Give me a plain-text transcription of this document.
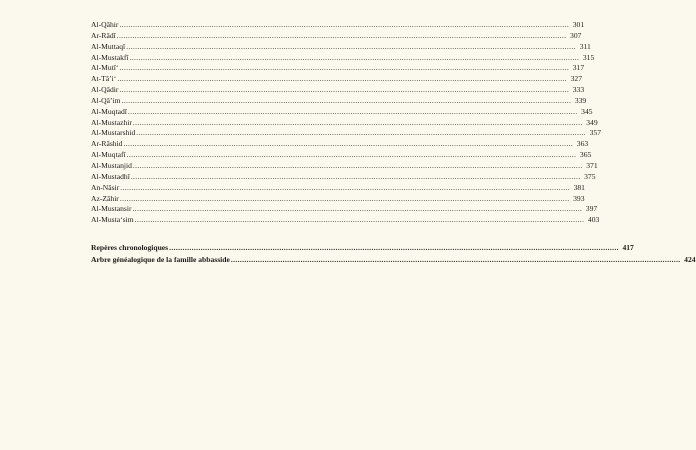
Al-Qâhir ........................................................................................................................................................................................................ 301
Ar-Râdî ........................................................................................................................................................................................................ 307
Al-Muttaqî ........................................................................................................................................................................................................ 311
Al-Mustakfî ........................................................................................................................................................................................................ 315
Al-Mutî‘ ........................................................................................................................................................................................................ 317
At-Tâ’i‘ ........................................................................................................................................................................................................ 327
Al-Qâdir ........................................................................................................................................................................................................ 333
Al-Qâ’im ........................................................................................................................................................................................................ 339
Al-Muqtadî ........................................................................................................................................................................................................ 345
Al-Mustazhir ........................................................................................................................................................................................................ 349
Al-Mustarshid ........................................................................................................................................................................................................ 357
Ar-Râshid ........................................................................................................................................................................................................ 363
Al-Muqtafî ........................................................................................................................................................................................................ 365
Al-Mustanjid ........................................................................................................................................................................................................ 371
Al-Mustadhî ........................................................................................................................................................................................................ 375
An-Nâsir ........................................................................................................................................................................................................ 381
Az-Zâhir ........................................................................................................................................................................................................ 393
Al-Mustansir ........................................................................................................................................................................................................ 397
Al-Musta‘sim ........................................................................................................................................................................................................ 403
Repères chronologiques ........................................................................................................................................................................................................ 417
Arbre généalogique de la famille abbasside ........................................................................................................................................................................................................ 424
